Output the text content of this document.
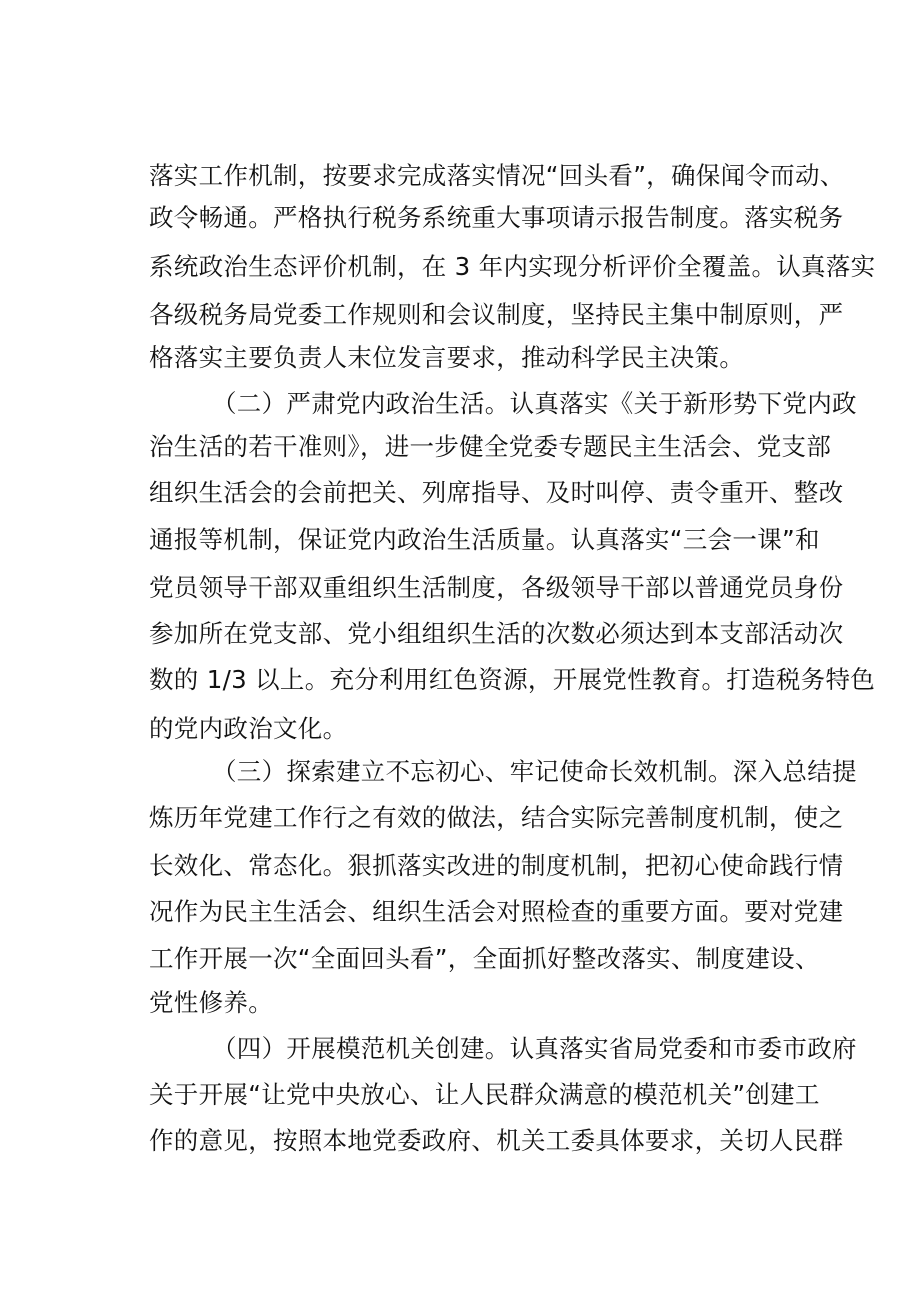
落实工作机制，按要求完成落实情况“回头看”，确保闻令而动、
政令畅通。严格执行税务系统重大事项请示报告制度。落实税务
系统政治生态评价机制，在 3 年内实现分析评价全覆盖。认真落实
各级税务局党委工作规则和会议制度，坚持民主集中制原则，严
格落实主要负责人末位发言要求，推动科学民主决策。
（二）严肃党内政治生活。认真落实《关于新形势下党内政
治生活的若干准则》，进一步健全党委专题民主生活会、党支部
组织生活会的会前把关、列席指导、及时叫停、责令重开、整改
通报等机制，保证党内政治生活质量。认真落实“三会一课”和
党员领导干部双重组织生活制度，各级领导干部以普通党员身份
参加所在党支部、党小组组织生活的次数必须达到本支部活动次
数的 1/3 以上。充分利用红色资源，开展党性教育。打造税务特色
的党内政治文化。
（三）探索建立不忘初心、牢记使命长效机制。深入总结提
炼历年党建工作行之有效的做法，结合实际完善制度机制，使之
长效化、常态化。狠抓落实改进的制度机制，把初心使命践行情
况作为民主生活会、组织生活会对照检查的重要方面。要对党建
工作开展一次“全面回头看”，全面抓好整改落实、制度建设、
党性修养。
（四）开展模范机关创建。认真落实省局党委和市委市政府
关于开展“让党中央放心、让人民群众满意的模范机关”创建工
作的意见，按照本地党委政府、机关工委具体要求，关切人民群
